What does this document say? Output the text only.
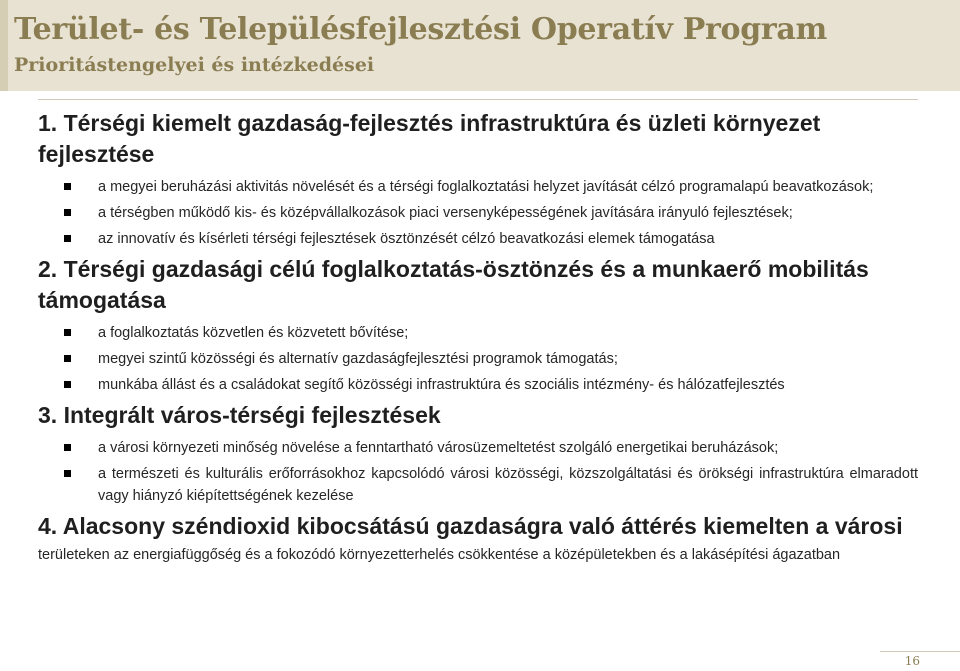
Terület- és Településfejlesztési Operatív Program
Prioritástengelyei és intézkedései

1. Térségi kiemelt gazdaság-fejlesztés infrastruktúra és üzleti környezet fejlesztése

a megyei beruházási aktivitás növelését és a térségi foglalkoztatási helyzet javítását célzó programalapú beavatkozások;
a térségben működő kis- és középvállalkozások piaci versenyképességének javítására irányuló fejlesztések;
az innovatív és kísérleti térségi fejlesztések ösztönzését célzó beavatkozási elemek támogatása

2. Térségi gazdasági célú foglalkoztatás-ösztönzés és a munkaerő mobilitás támogatása

a foglalkoztatás közvetlen és közvetett bővítése;
megyei szintű közösségi és alternatív gazdaságfejlesztési programok támogatás;
munkába állást és a családokat segítő közösségi infrastruktúra és szociális intézmény- és hálózatfejlesztés

3. Integrált város-térségi fejlesztések

a városi környezeti minőség növelése a fenntartható városüzemeltetést szolgáló energetikai beruházások;
a természeti és kulturális erőforrásokhoz kapcsolódó városi közösségi, közszolgáltatási és örökségi infrastruktúra elmaradott vagy hiányzó kiépítettségének kezelése

4. Alacsony széndioxid kibocsátású gazdaságra való áttérés kiemelten a városi

területeken az energiafüggőség és a fokozódó környezetterhelés csökkentése a középületekben és a lakásépítési ágazatban
16
